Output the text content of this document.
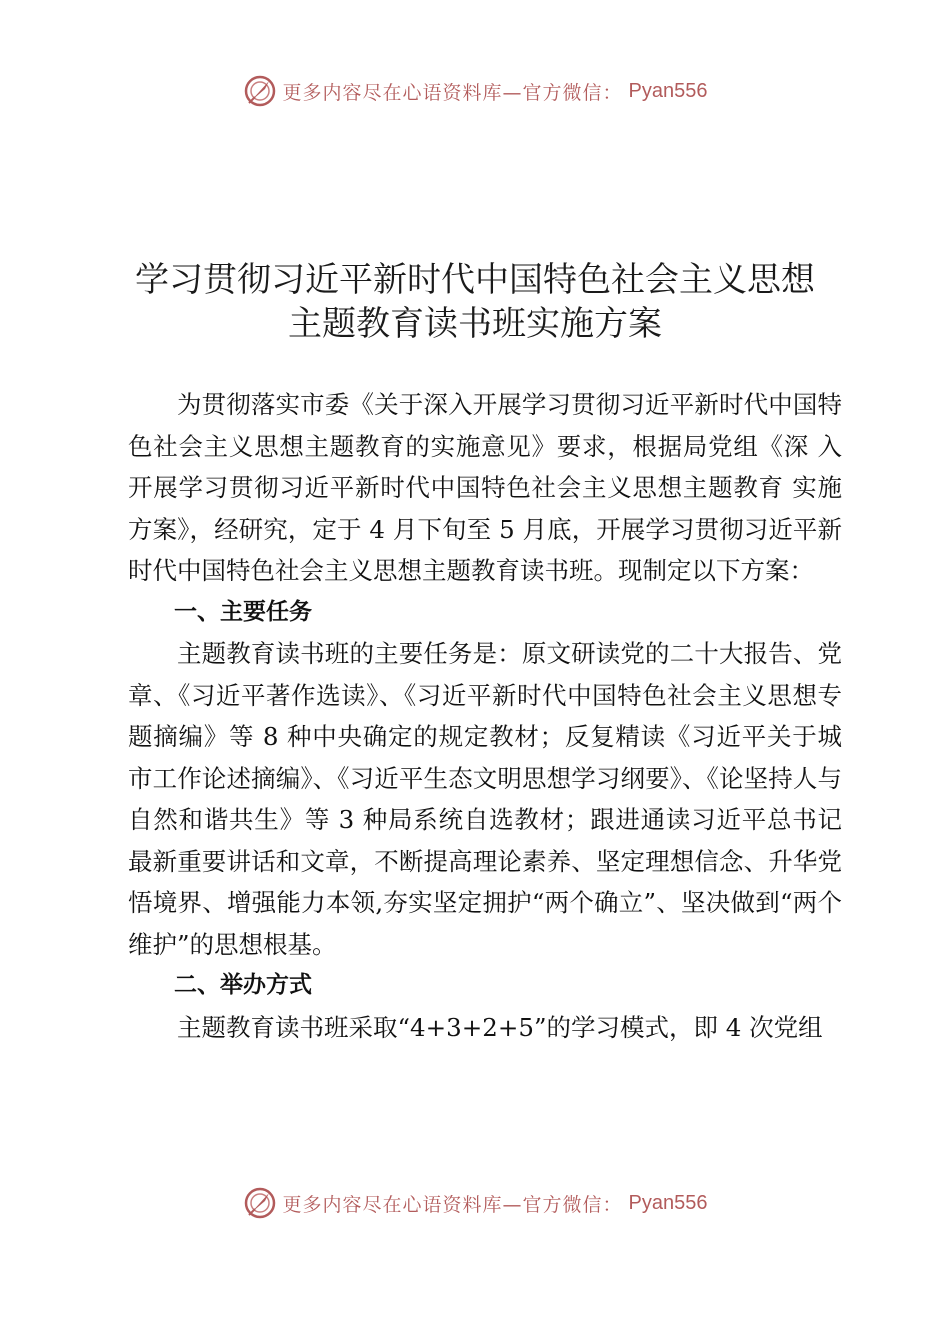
更多内容尽在心语资料库—官方微信： Pyan556
学习贯彻习近平新时代中国特色社会主义思想
主题教育读书班实施方案

为贯彻落实市委《关于深入开展学习贯彻习近平新时代中国特色社会主义思想主题教育的实施意见》要求，根据局党组《深 入开展学习贯彻习近平新时代中国特色社会主义思想主题教育 实施方案》，经研究，定于 4 月下旬至 5 月底，开展学习贯彻习近平新时代中国特色社会主义思想主题教育读书班。现制定以下方案：

一、主要任务

主题教育读书班的主要任务是：原文研读党的二十大报告、党章、《习近平著作选读》、《习近平新时代中国特色社会主义思想专题摘编》等 8 种中央确定的规定教材；反复精读《习近平关于城市工作论述摘编》、《习近平生态文明思想学习纲要》、《论坚持人与自然和谐共生》等 3 种局系统自选教材；跟进通读习近平总书记最新重要讲话和文章，不断提高理论素养、坚定理想信念、升华党悟境界、增强能力本领,夯实坚定拥护“两个确立”、坚决做到“两个维护”的思想根基。

二、举办方式

主题教育读书班采取“4+3+2+5”的学习模式，即 4 次党组

更多内容尽在心语资料库—官方微信： Pyan556
